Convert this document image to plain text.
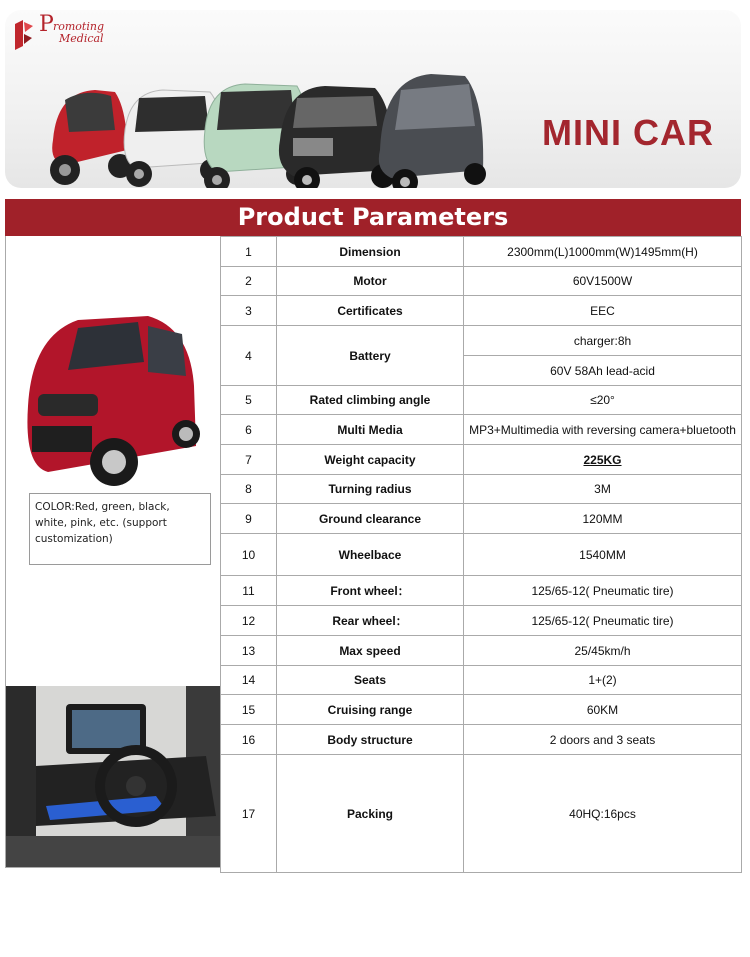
P romoting
Medical
MINI CAR
Product Parameters
COLOR:Red, green, black, white, pink, etc. (support customization)
1	Dimension	2300mm(L)1000mm(W)1495mm(H)
2	Motor	60V1500W
3	Certificates	EEC
4	Battery	charger:8h
		60V 58Ah lead-acid
5	Rated climbing angle	≤20°
6	Multi Media	MP3+Multimedia with reversing camera+bluetooth
7	Weight capacity	225KG
8	Turning radius	3M
9	Ground clearance	120MM
10	Wheelbace	1540MM
11	Front wheel：	125/65-12( Pneumatic tire)
12	Rear wheel：	125/65-12( Pneumatic tire)
13	Max speed	25/45km/h
14	Seats	1+(2)
15	Cruising range	60KM
16	Body structure	2 doors and 3 seats
17	Packing	40HQ:16pcs
